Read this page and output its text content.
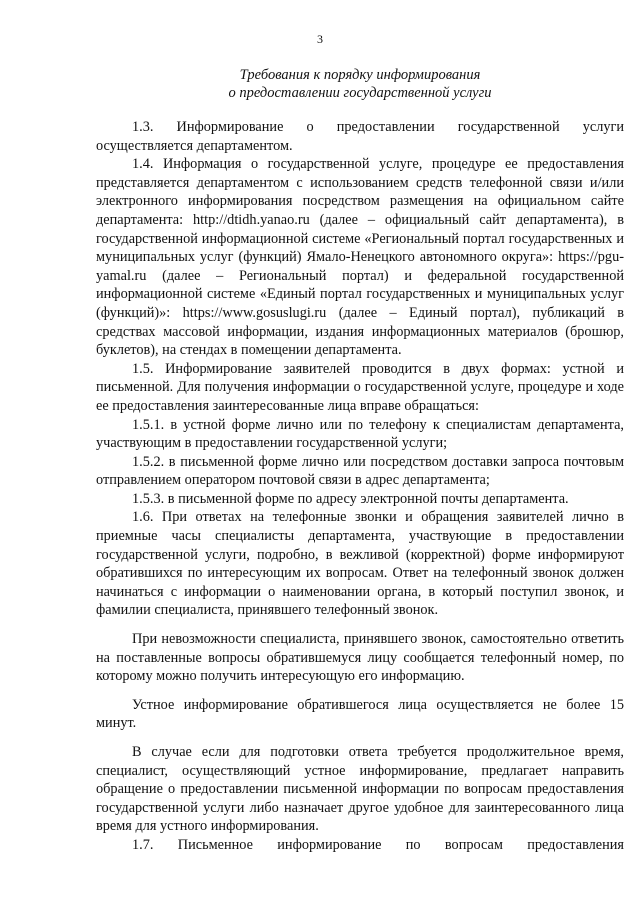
3
Требования к порядку информирования
о предоставлении государственной услуги

1.3. Информирование о предоставлении государственной услуги осуществляется департаментом.

1.4. Информация о государственной услуге, процедуре ее предоставления представляется департаментом с использованием средств телефонной связи и/или электронного информирования посредством размещения на официальном сайте департамента: http://dtidh.yanao.ru (далее – официальный сайт департамента), в государственной информационной системе «Региональный портал государственных и муниципальных услуг (функций) Ямало-Ненецкого автономного округа»: https://pgu-yamal.ru (далее – Региональный портал) и федеральной государственной информационной системе «Единый портал государственных и муниципальных услуг (функций)»: https://www.gosuslugi.ru (далее – Единый портал), публикаций в средствах массовой информации, издания информационных материалов (брошюр, буклетов), на стендах в помещении департамента.

1.5. Информирование заявителей проводится в двух формах: устной и письменной. Для получения информации о государственной услуге, процедуре и ходе ее предоставления заинтересованные лица вправе обращаться:

1.5.1. в устной форме лично или по телефону к специалистам департамента, участвующим в предоставлении государственной услуги;

1.5.2. в письменной форме лично или посредством доставки запроса почтовым отправлением оператором почтовой связи в адрес департамента;

1.5.3. в письменной форме по адресу электронной почты департамента.

1.6. При ответах на телефонные звонки и обращения заявителей лично в приемные часы специалисты департамента, участвующие в предоставлении государственной услуги, подробно, в вежливой (корректной) форме информируют обратившихся по интересующим их вопросам. Ответ на телефонный звонок должен начинаться с информации о наименовании органа, в который поступил звонок, и фамилии специалиста, принявшего телефонный звонок.

При невозможности специалиста, принявшего звонок, самостоятельно ответить на поставленные вопросы обратившемуся лицу сообщается телефонный номер, по которому можно получить интересующую его информацию.

Устное информирование обратившегося лица осуществляется не более 15 минут.

В случае если для подготовки ответа требуется продолжительное время, специалист, осуществляющий устное информирование, предлагает направить обращение о предоставлении письменной информации по вопросам предоставления государственной услуги либо назначает другое удобное для заинтересованного лица время для устного информирования.

1.7. Письменное информирование по вопросам предоставления
